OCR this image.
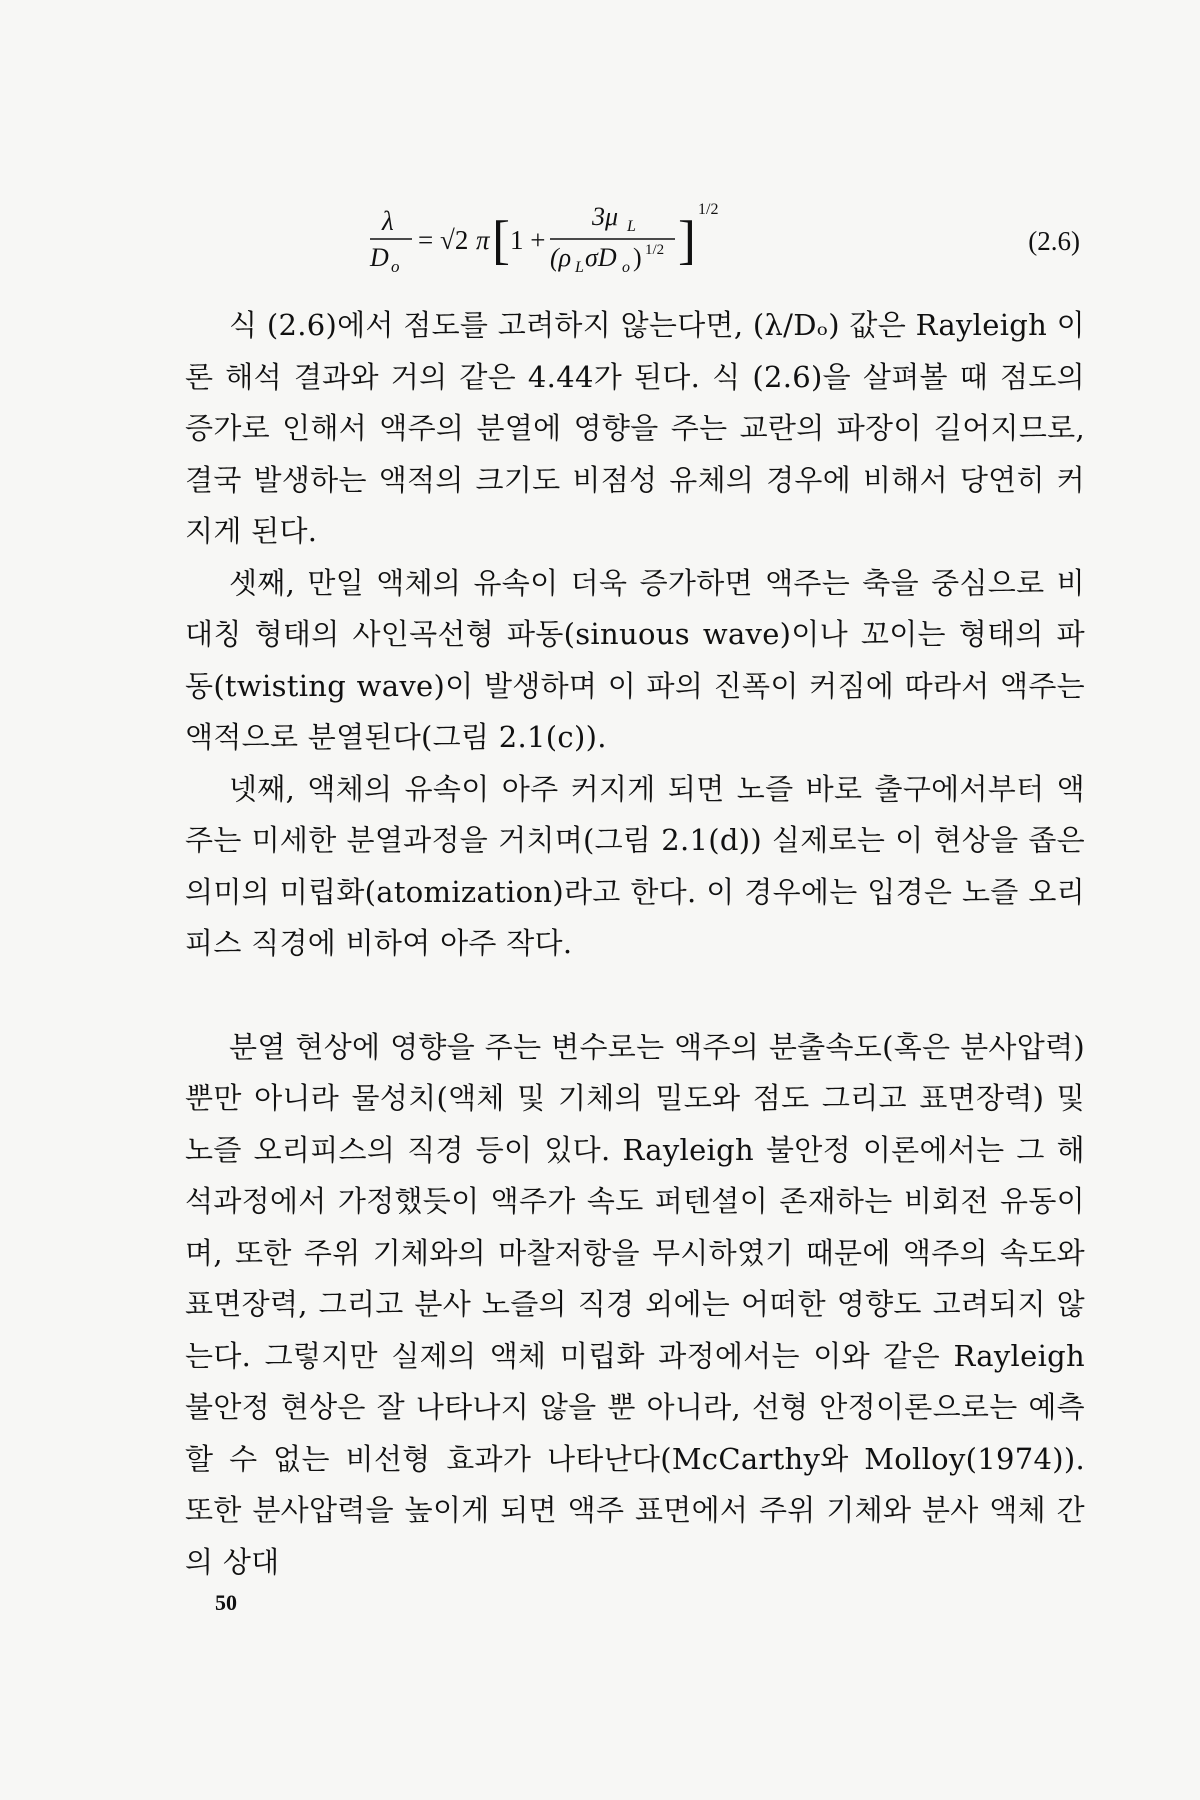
λ
D o
= √2 π [ 1 +
3μ L
(ρ L σD o ) 1/2 ]
1/2
(2.6)

식 (2.6)에서 점도를 고려하지 않는다면, (λ/Dₒ) 값은 Rayleigh 이론 해석 결과와 거의 같은 4.44가 된다. 식 (2.6)을 살펴볼 때 점도의 증가로 인해서 액주의 분열에 영향을 주는 교란의 파장이 길어지므로, 결국 발생하는 액적의 크기도 비점성 유체의 경우에 비해서 당연히 커지게 된다.

셋째, 만일 액체의 유속이 더욱 증가하면 액주는 축을 중심으로 비대칭 형태의 사인곡선형 파동(sinuous wave)이나 꼬이는 형태의 파동(twisting wave)이 발생하며 이 파의 진폭이 커짐에 따라서 액주는 액적으로 분열된다(그림 2.1(c)).

넷째, 액체의 유속이 아주 커지게 되면 노즐 바로 출구에서부터 액주는 미세한 분열과정을 거치며(그림 2.1(d)) 실제로는 이 현상을 좁은 의미의 미립화(atomization)라고 한다. 이 경우에는 입경은 노즐 오리피스 직경에 비하여 아주 작다.

분열 현상에 영향을 주는 변수로는 액주의 분출속도(혹은 분사압력)뿐만 아니라 물성치(액체 및 기체의 밀도와 점도 그리고 표면장력) 및 노즐 오리피스의 직경 등이 있다. Rayleigh 불안정 이론에서는 그 해석과정에서 가정했듯이 액주가 속도 퍼텐셜이 존재하는 비회전 유동이며, 또한 주위 기체와의 마찰저항을 무시하였기 때문에 액주의 속도와 표면장력, 그리고 분사 노즐의 직경 외에는 어떠한 영향도 고려되지 않는다. 그렇지만 실제의 액체 미립화 과정에서는 이와 같은 Rayleigh 불안정 현상은 잘 나타나지 않을 뿐 아니라, 선형 안정이론으로는 예측할 수 없는 비선형 효과가 나타난다(McCarthy와 Molloy(1974)). 또한 분사압력을 높이게 되면 액주 표면에서 주위 기체와 분사 액체 간의 상대

50
